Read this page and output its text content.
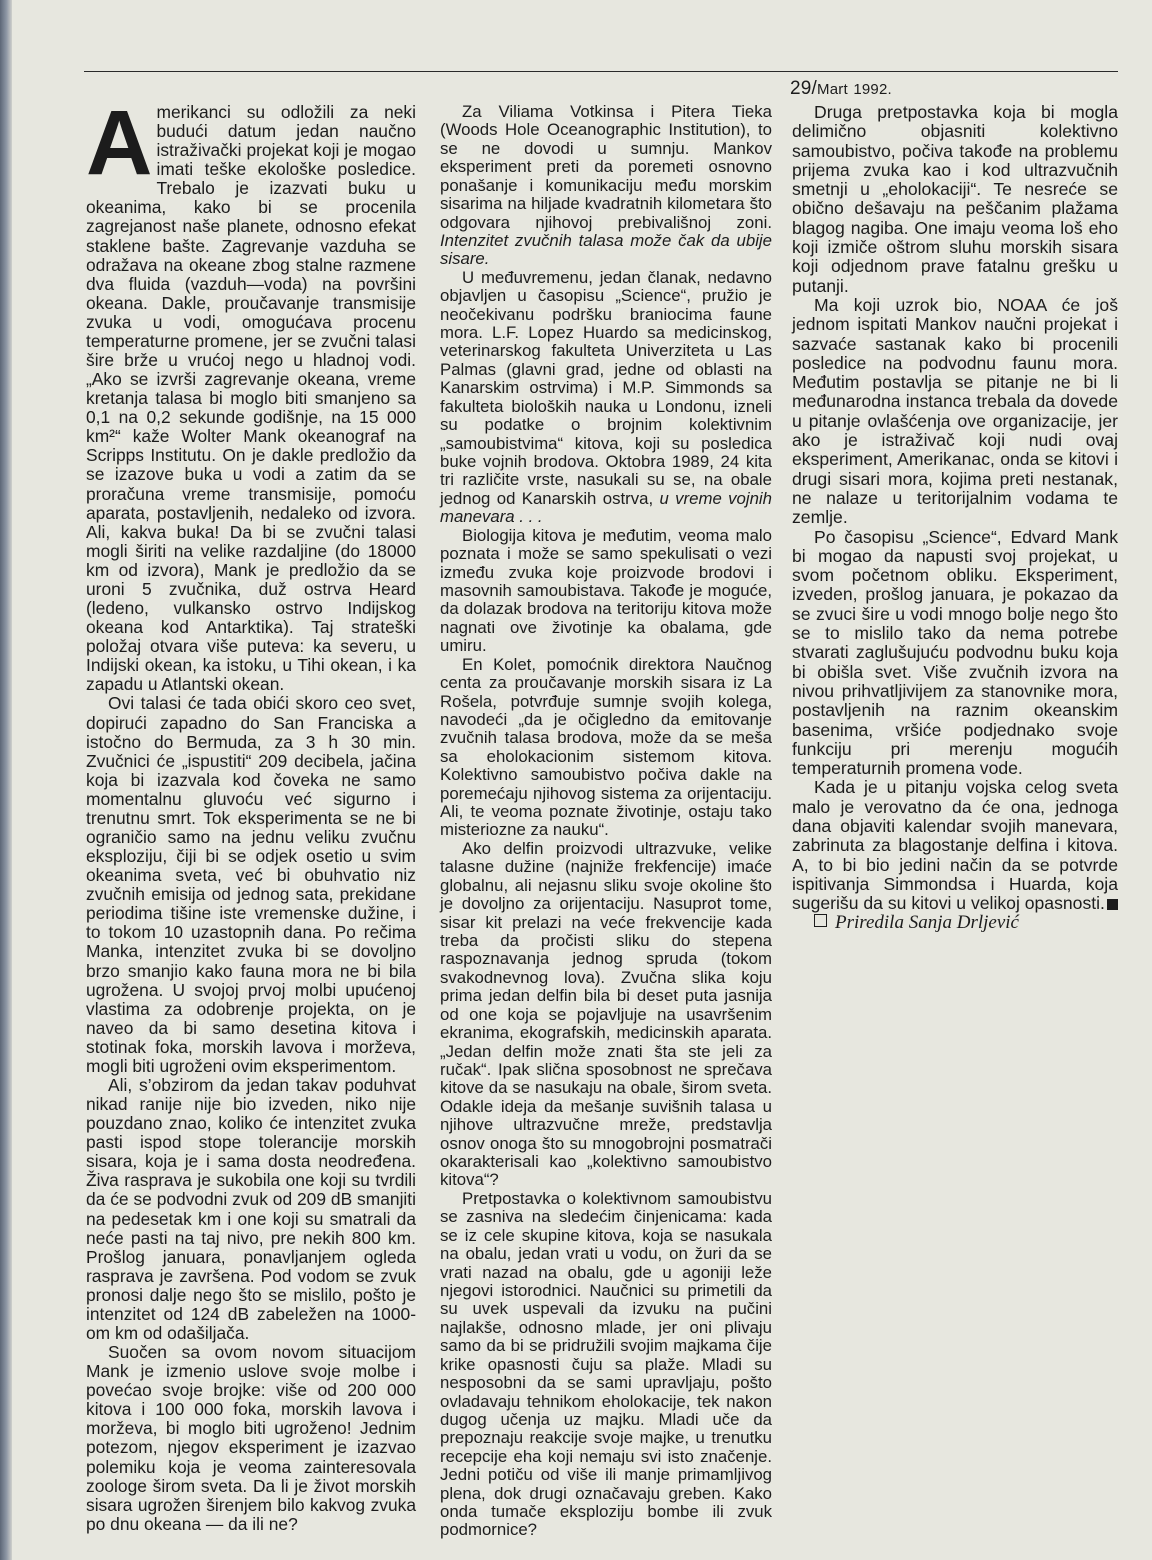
29/Mart 1992.

Amerikanci su odložili za neki budući datum jedan naučno istraživački projekat koji je mogao imati teške ekološke posledice. Trebalo je izazvati buku u okeanima, kako bi se procenila zagrejanost naše planete, odnosno efekat staklene bašte. Zagrevanje vazduha se odražava na okeane zbog stalne razmene dva fluida (vazduh—voda) na površini okeana. Dakle, proučavanje transmisije zvuka u vodi, omogućava procenu temperaturne promene, jer se zvučni talasi šire brže u vrućoj nego u hladnoj vodi. „Ako se izvrši zagrevanje okeana, vreme kretanja talasa bi moglo biti smanjeno sa 0,1 na 0,2 sekunde godišnje, na 15 000 km²“ kaže Wolter Mank okeanograf na Scripps Institutu. On je dakle predložio da se izazove buka u vodi a zatim da se proračuna vreme transmisije, pomoću aparata, postavljenih, nedaleko od izvora. Ali, kakva buka! Da bi se zvučni talasi mogli širiti na velike razdaljine (do 18000 km od izvora), Mank je predložio da se uroni 5 zvučnika, duž ostrva Heard (ledeno, vulkansko ostrvo Indijskog okeana kod Antarktika). Taj strateški položaj otvara više puteva: ka severu, u Indijski okean, ka istoku, u Tihi okean, i ka zapadu u Atlantski okean.

Ovi talasi će tada obići skoro ceo svet, dopirući zapadno do San Franciska a istočno do Bermuda, za 3 h 30 min. Zvučnici će „ispustiti“ 209 decibela, jačina koja bi izazvala kod čoveka ne samo momentalnu gluvoću već sigurno i trenutnu smrt. Tok eksperimenta se ne bi ograničio samo na jednu veliku zvučnu eksploziju, čiji bi se odjek osetio u svim okeanima sveta, već bi obuhvatio niz zvučnih emisija od jednog sata, prekidane periodima tišine iste vremenske dužine, i to tokom 10 uzastopnih dana. Po rečima Manka, intenzitet zvuka bi se dovoljno brzo smanjio kako fauna mora ne bi bila ugrožena. U svojoj prvoj molbi upućenoj vlastima za odobrenje projekta, on je naveo da bi samo desetina kitova i stotinak foka, morskih lavova i morževa, mogli biti ugroženi ovim eksperimentom.

Ali, s’obzirom da jedan takav poduhvat nikad ranije nije bio izveden, niko nije pouzdano znao, koliko će intenzitet zvuka pasti ispod stope tolerancije morskih sisara, koja je i sama dosta neodređena. Živa rasprava je sukobila one koji su tvrdili da će se podvodni zvuk od 209 dB smanjiti na pedesetak km i one koji su smatrali da neće pasti na taj nivo, pre nekih 800 km. Prošlog januara, ponavljanjem ogleda rasprava je završena. Pod vodom se zvuk pronosi dalje nego što se mislilo, pošto je intenzitet od 124 dB zabeležen na 1000-om km od odašiljača.

Suočen sa ovom novom situacijom Mank je izmenio uslove svoje molbe i povećao svoje brojke: više od 200 000 kitova i 100 000 foka, morskih lavova i morževa, bi moglo biti ugroženo! Jednim potezom, njegov eksperiment je izazvao polemiku koja je veoma zainteresovala zoologe širom sveta. Da li je život morskih sisara ugrožen širenjem bilo kakvog zvuka po dnu okeana — da ili ne?

Za Viliama Votkinsa i Pitera Tieka (Woods Hole Oceanographic Institution), to se ne dovodi u sumnju. Mankov eksperiment preti da poremeti osnovno ponašanje i komunikaciju među morskim sisarima na hiljade kvadratnih kilometara što odgovara njihovoj prebivališnoj zoni. Intenzitet zvučnih talasa može čak da ubije sisare.

U međuvremenu, jedan članak, nedavno objavljen u časopisu „Science“, pružio je neočekivanu podršku braniocima faune mora. L.F. Lopez Huardo sa medicinskog, veterinarskog fakulteta Univerziteta u Las Palmas (glavni grad, jedne od oblasti na Kanarskim ostrvima) i M.P. Simmonds sa fakulteta bioloških nauka u Londonu, izneli su podatke o brojnim kolektivnim „samoubistvima“ kitova, koji su posledica buke vojnih brodova. Oktobra 1989, 24 kita tri različite vrste, nasukali su se, na obale jednog od Kanarskih ostrva, u vreme vojnih manevara . . .

Biologija kitova je međutim, veoma malo poznata i može se samo spekulisati o vezi između zvuka koje proizvode brodovi i masovnih samoubistava. Takođe je moguće, da dolazak brodova na teritoriju kitova može nagnati ove životinje ka obalama, gde umiru.

En Kolet, pomoćnik direktora Naučnog centa za proučavanje morskih sisara iz La Rošela, potvrđuje sumnje svojih kolega, navodeći „da je očigledno da emitovanje zvučnih talasa brodova, može da se meša sa eholokacionim sistemom kitova. Kolektivno samoubistvo počiva dakle na poremećaju njihovog sistema za orijentaciju. Ali, te veoma poznate životinje, ostaju tako misteriozne za nauku“.

Ako delfin proizvodi ultrazvuke, velike talasne dužine (najniže frekfencije) imaće globalnu, ali nejasnu sliku svoje okoline što je dovoljno za orijentaciju. Nasuprot tome, sisar kit prelazi na veće frekvencije kada treba da pročisti sliku do stepena raspoznavanja jednog spruda (tokom svakodnevnog lova). Zvučna slika koju prima jedan delfin bila bi deset puta jasnija od one koja se pojavljuje na usavršenim ekranima, ekografskih, medicinskih aparata. „Jedan delfin može znati šta ste jeli za ručak“. Ipak slična sposobnost ne sprečava kitove da se nasukaju na obale, širom sveta. Odakle ideja da mešanje suvišnih talasa u njihove ultrazvučne mreže, predstavlja osnov onoga što su mnogobrojni posmatrači okarakterisali kao „kolektivno samoubistvo kitova“?

Pretpostavka o kolektivnom samoubistvu se zasniva na sledećim činjenicama: kada se iz cele skupine kitova, koja se nasukala na obalu, jedan vrati u vodu, on žuri da se vrati nazad na obalu, gde u agoniji leže njegovi istorodnici. Naučnici su primetili da su uvek uspevali da izvuku na pučini najlakše, odnosno mlade, jer oni plivaju samo da bi se pridružili svojim majkama čije krike opasnosti čuju sa plaže. Mladi su nesposobni da se sami upravljaju, pošto ovladavaju tehnikom eholokacije, tek nakon dugog učenja uz majku. Mladi uče da prepoznaju reakcije svoje majke, u trenutku recepcije eha koji nemaju svi isto značenje. Jedni potiču od više ili manje primamljivog plena, dok drugi označavaju greben. Kako onda tumače eksploziju bombe ili zvuk podmornice?

Druga pretpostavka koja bi mogla delimično objasniti kolektivno samoubistvo, počiva takođe na problemu prijema zvuka kao i kod ultrazvučnih smetnji u „eholokaciji“. Te nesreće se obično dešavaju na peščanim plažama blagog nagiba. One imaju veoma loš eho koji izmiče oštrom sluhu morskih sisara koji odjednom prave fatalnu grešku u putanji.

Ma koji uzrok bio, NOAA će još jednom ispitati Mankov naučni projekat i sazvaće sastanak kako bi procenili posledice na podvodnu faunu mora. Međutim postavlja se pitanje ne bi li međunarodna instanca trebala da dovede u pitanje ovlašćenja ove organizacije, jer ako je istraživač koji nudi ovaj eksperiment, Amerikanac, onda se kitovi i drugi sisari mora, kojima preti nestanak, ne nalaze u teritorijalnim vodama te zemlje.

Po časopisu „Science“, Edvard Mank bi mogao da napusti svoj projekat, u svom početnom obliku. Eksperiment, izveden, prošlog januara, je pokazao da se zvuci šire u vodi mnogo bolje nego što se to mislilo tako da nema potrebe stvarati zaglušujuću podvodnu buku koja bi obišla svet. Više zvučnih izvora na nivou prihvatljivijem za stanovnike mora, postavljenih na raznim okeanskim basenima, vršiće podjednako svoje funkciju pri merenju mogućih temperaturnih promena vode.

Kada je u pitanju vojska celog sveta malo je verovatno da će ona, jednoga dana objaviti kalendar svojih manevara, zabrinuta za blagostanje delfina i kitova. A, to bi bio jedini način da se potvrde ispitivanja Simmondsa i Huarda, koja sugerišu da su kitovi u velikoj opasnosti.

Priredila Sanja Drljević
